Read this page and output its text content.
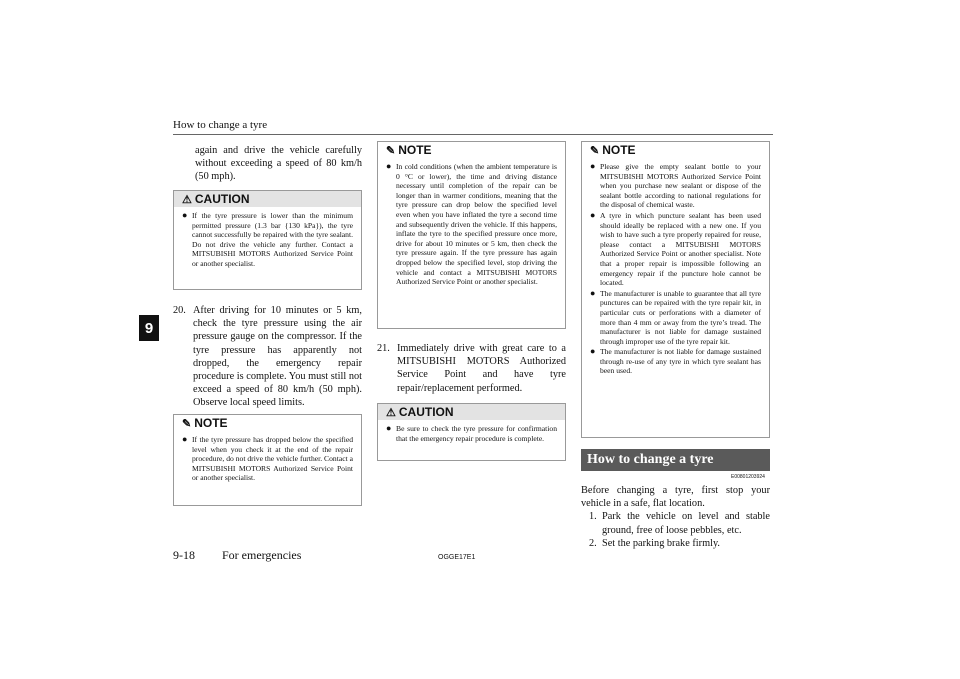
How to change a tyre
9

again and drive the vehicle carefully without exceeding a speed of 80 km/h (50 mph).

⚠ CAUTION
● If the tyre pressure is lower than the minimum permitted pressure (1.3 bar {130 kPa}), the tyre cannot successfully be repaired with the tyre sealant. Do not drive the vehicle any further. Contact a MITSUBISHI MOTORS Authorized Service Point or another specialist.
20. After driving for 10 minutes or 5 km, check the tyre pressure using the air pressure gauge on the compressor. If the tyre pressure has apparently not dropped, the emergency repair procedure is complete. You must still not exceed a speed of 80 km/h (50 mph). Observe local speed limits.
✎ NOTE
● If the tyre pressure has dropped below the specified level when you check it at the end of the repair procedure, do not drive the vehicle further. Contact a MITSUBISHI MOTORS Authorized Service Point or another specialist.
✎ NOTE
● In cold conditions (when the ambient temperature is 0 °C or lower), the time and driving distance necessary until completion of the repair can be longer than in warmer conditions, meaning that the tyre pressure can drop below the specified level even when you have inflated the tyre a second time and subsequently driven the vehicle. If this happens, inflate the tyre to the specified pressure once more, drive for about 10 minutes or 5 km, then check the tyre pressure again. If the tyre pressure has again dropped below the specified level, stop driving the vehicle and contact a MITSUBISHI MOTORS Authorized Service Point or another specialist.
21. Immediately drive with great care to a MITSUBISHI MOTORS Authorized Service Point and have tyre repair/replacement performed.
⚠ CAUTION
● Be sure to check the tyre pressure for confirmation that the emergency repair procedure is complete.
✎ NOTE
● Please give the empty sealant bottle to your MITSUBISHI MOTORS Authorized Service Point when you purchase new sealant or dispose of the sealant bottle according to national regulations for the disposal of chemical waste.
● A tyre in which puncture sealant has been used should ideally be replaced with a new one. If you wish to have such a tyre properly repaired for reuse, please contact a MITSUBISHI MOTORS Authorized Service Point or another specialist. Note that a proper repair is impossible following an emergency repair if the puncture hole cannot be located.
● The manufacturer is unable to guarantee that all tyre punctures can be repaired with the tyre repair kit, in particular cuts or perforations with a diameter of more than 4 mm or away from the tyre’s tread. The manufacturer is not liable for damage sustained through improper use of the tyre repair kit.
● The manufacturer is not liable for damage sustained through re-use of any tyre in which tyre sealant has been used.
How to change a tyre
E00801203924

Before changing a tyre, first stop your vehicle in a safe, flat location.

1. Park the vehicle on level and stable ground, free of loose pebbles, etc.
2. Set the parking brake firmly.
9-18 For emergencies	OGGE17E1
